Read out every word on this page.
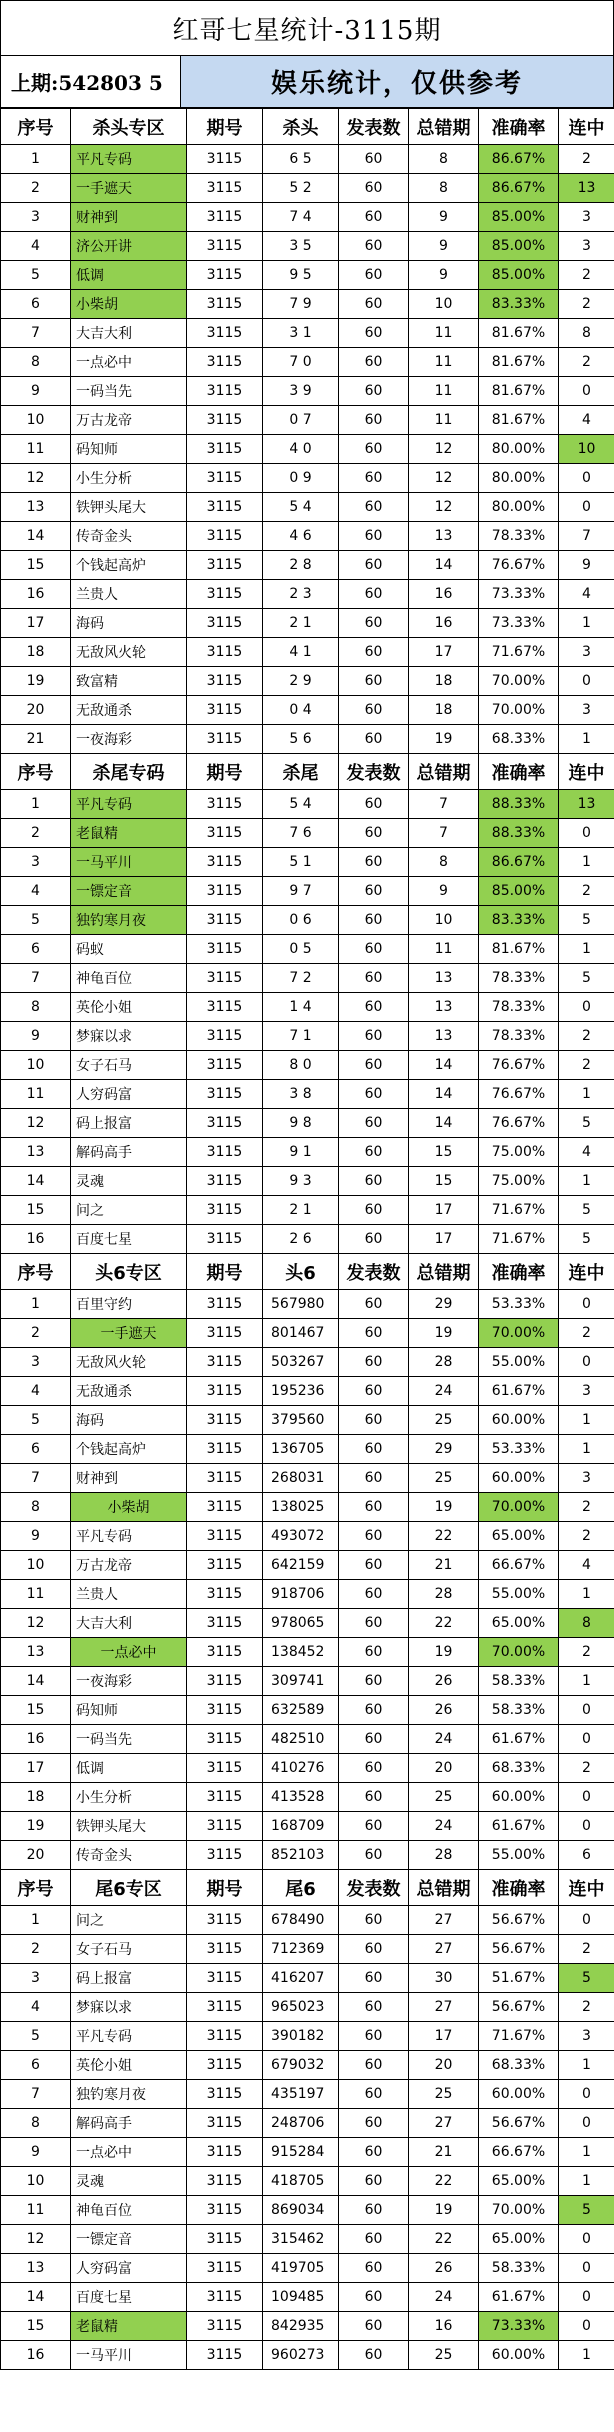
红哥七星统计-3115期
上期:542803 5	娱乐统计，仅供参考
序号	杀头专区	期号	杀头	发表数	总错期	准确率	连中
1	平凡专码	3115	6 5	60	8	86.67%	2
2	一手遮天	3115	5 2	60	8	86.67%	13
3	财神到	3115	7 4	60	9	85.00%	3
4	济公开讲	3115	3 5	60	9	85.00%	3
5	低调	3115	9 5	60	9	85.00%	2
6	小柴胡	3115	7 9	60	10	83.33%	2
7	大吉大利	3115	3 1	60	11	81.67%	8
8	一点必中	3115	7 0	60	11	81.67%	2
9	一码当先	3115	3 9	60	11	81.67%	0
10	万古龙帝	3115	0 7	60	11	81.67%	4
11	码知师	3115	4 0	60	12	80.00%	10
12	小生分析	3115	0 9	60	12	80.00%	0
13	铁钾头尾大	3115	5 4	60	12	80.00%	0
14	传奇金头	3115	4 6	60	13	78.33%	7
15	个钱起高炉	3115	2 8	60	14	76.67%	9
16	兰贵人	3115	2 3	60	16	73.33%	4
17	海码	3115	2 1	60	16	73.33%	1
18	无敌风火轮	3115	4 1	60	17	71.67%	3
19	致富精	3115	2 9	60	18	70.00%	0
20	无敌通杀	3115	0 4	60	18	70.00%	3
21	一夜海彩	3115	5 6	60	19	68.33%	1
序号	杀尾专码	期号	杀尾	发表数	总错期	准确率	连中
1	平凡专码	3115	5 4	60	7	88.33%	13
2	老鼠精	3115	7 6	60	7	88.33%	0
3	一马平川	3115	5 1	60	8	86.67%	1
4	一镖定音	3115	9 7	60	9	85.00%	2
5	独钓寒月夜	3115	0 6	60	10	83.33%	5
6	码蚁	3115	0 5	60	11	81.67%	1
7	神龟百位	3115	7 2	60	13	78.33%	5
8	英伦小姐	3115	1 4	60	13	78.33%	0
9	梦寐以求	3115	7 1	60	13	78.33%	2
10	女子石马	3115	8 0	60	14	76.67%	2
11	人穷码富	3115	3 8	60	14	76.67%	1
12	码上报富	3115	9 8	60	14	76.67%	5
13	解码高手	3115	9 1	60	15	75.00%	4
14	灵魂	3115	9 3	60	15	75.00%	1
15	问之	3115	2 1	60	17	71.67%	5
16	百度七星	3115	2 6	60	17	71.67%	5
序号	头6专区	期号	头6	发表数	总错期	准确率	连中
1	百里守约	3115	567980	60	29	53.33%	0
2	一手遮天	3115	801467	60	19	70.00%	2
3	无敌风火轮	3115	503267	60	28	55.00%	0
4	无敌通杀	3115	195236	60	24	61.67%	3
5	海码	3115	379560	60	25	60.00%	1
6	个钱起高炉	3115	136705	60	29	53.33%	1
7	财神到	3115	268031	60	25	60.00%	3
8	小柴胡	3115	138025	60	19	70.00%	2
9	平凡专码	3115	493072	60	22	65.00%	2
10	万古龙帝	3115	642159	60	21	66.67%	4
11	兰贵人	3115	918706	60	28	55.00%	1
12	大吉大利	3115	978065	60	22	65.00%	8
13	一点必中	3115	138452	60	19	70.00%	2
14	一夜海彩	3115	309741	60	26	58.33%	1
15	码知师	3115	632589	60	26	58.33%	0
16	一码当先	3115	482510	60	24	61.67%	0
17	低调	3115	410276	60	20	68.33%	2
18	小生分析	3115	413528	60	25	60.00%	0
19	铁钾头尾大	3115	168709	60	24	61.67%	0
20	传奇金头	3115	852103	60	28	55.00%	6
序号	尾6专区	期号	尾6	发表数	总错期	准确率	连中
1	问之	3115	678490	60	27	56.67%	0
2	女子石马	3115	712369	60	27	56.67%	2
3	码上报富	3115	416207	60	30	51.67%	5
4	梦寐以求	3115	965023	60	27	56.67%	2
5	平凡专码	3115	390182	60	17	71.67%	3
6	英伦小姐	3115	679032	60	20	68.33%	1
7	独钓寒月夜	3115	435197	60	25	60.00%	0
8	解码高手	3115	248706	60	27	56.67%	0
9	一点必中	3115	915284	60	21	66.67%	1
10	灵魂	3115	418705	60	22	65.00%	1
11	神龟百位	3115	869034	60	19	70.00%	5
12	一镖定音	3115	315462	60	22	65.00%	0
13	人穷码富	3115	419705	60	26	58.33%	0
14	百度七星	3115	109485	60	24	61.67%	0
15	老鼠精	3115	842935	60	16	73.33%	0
16	一马平川	3115	960273	60	25	60.00%	1
